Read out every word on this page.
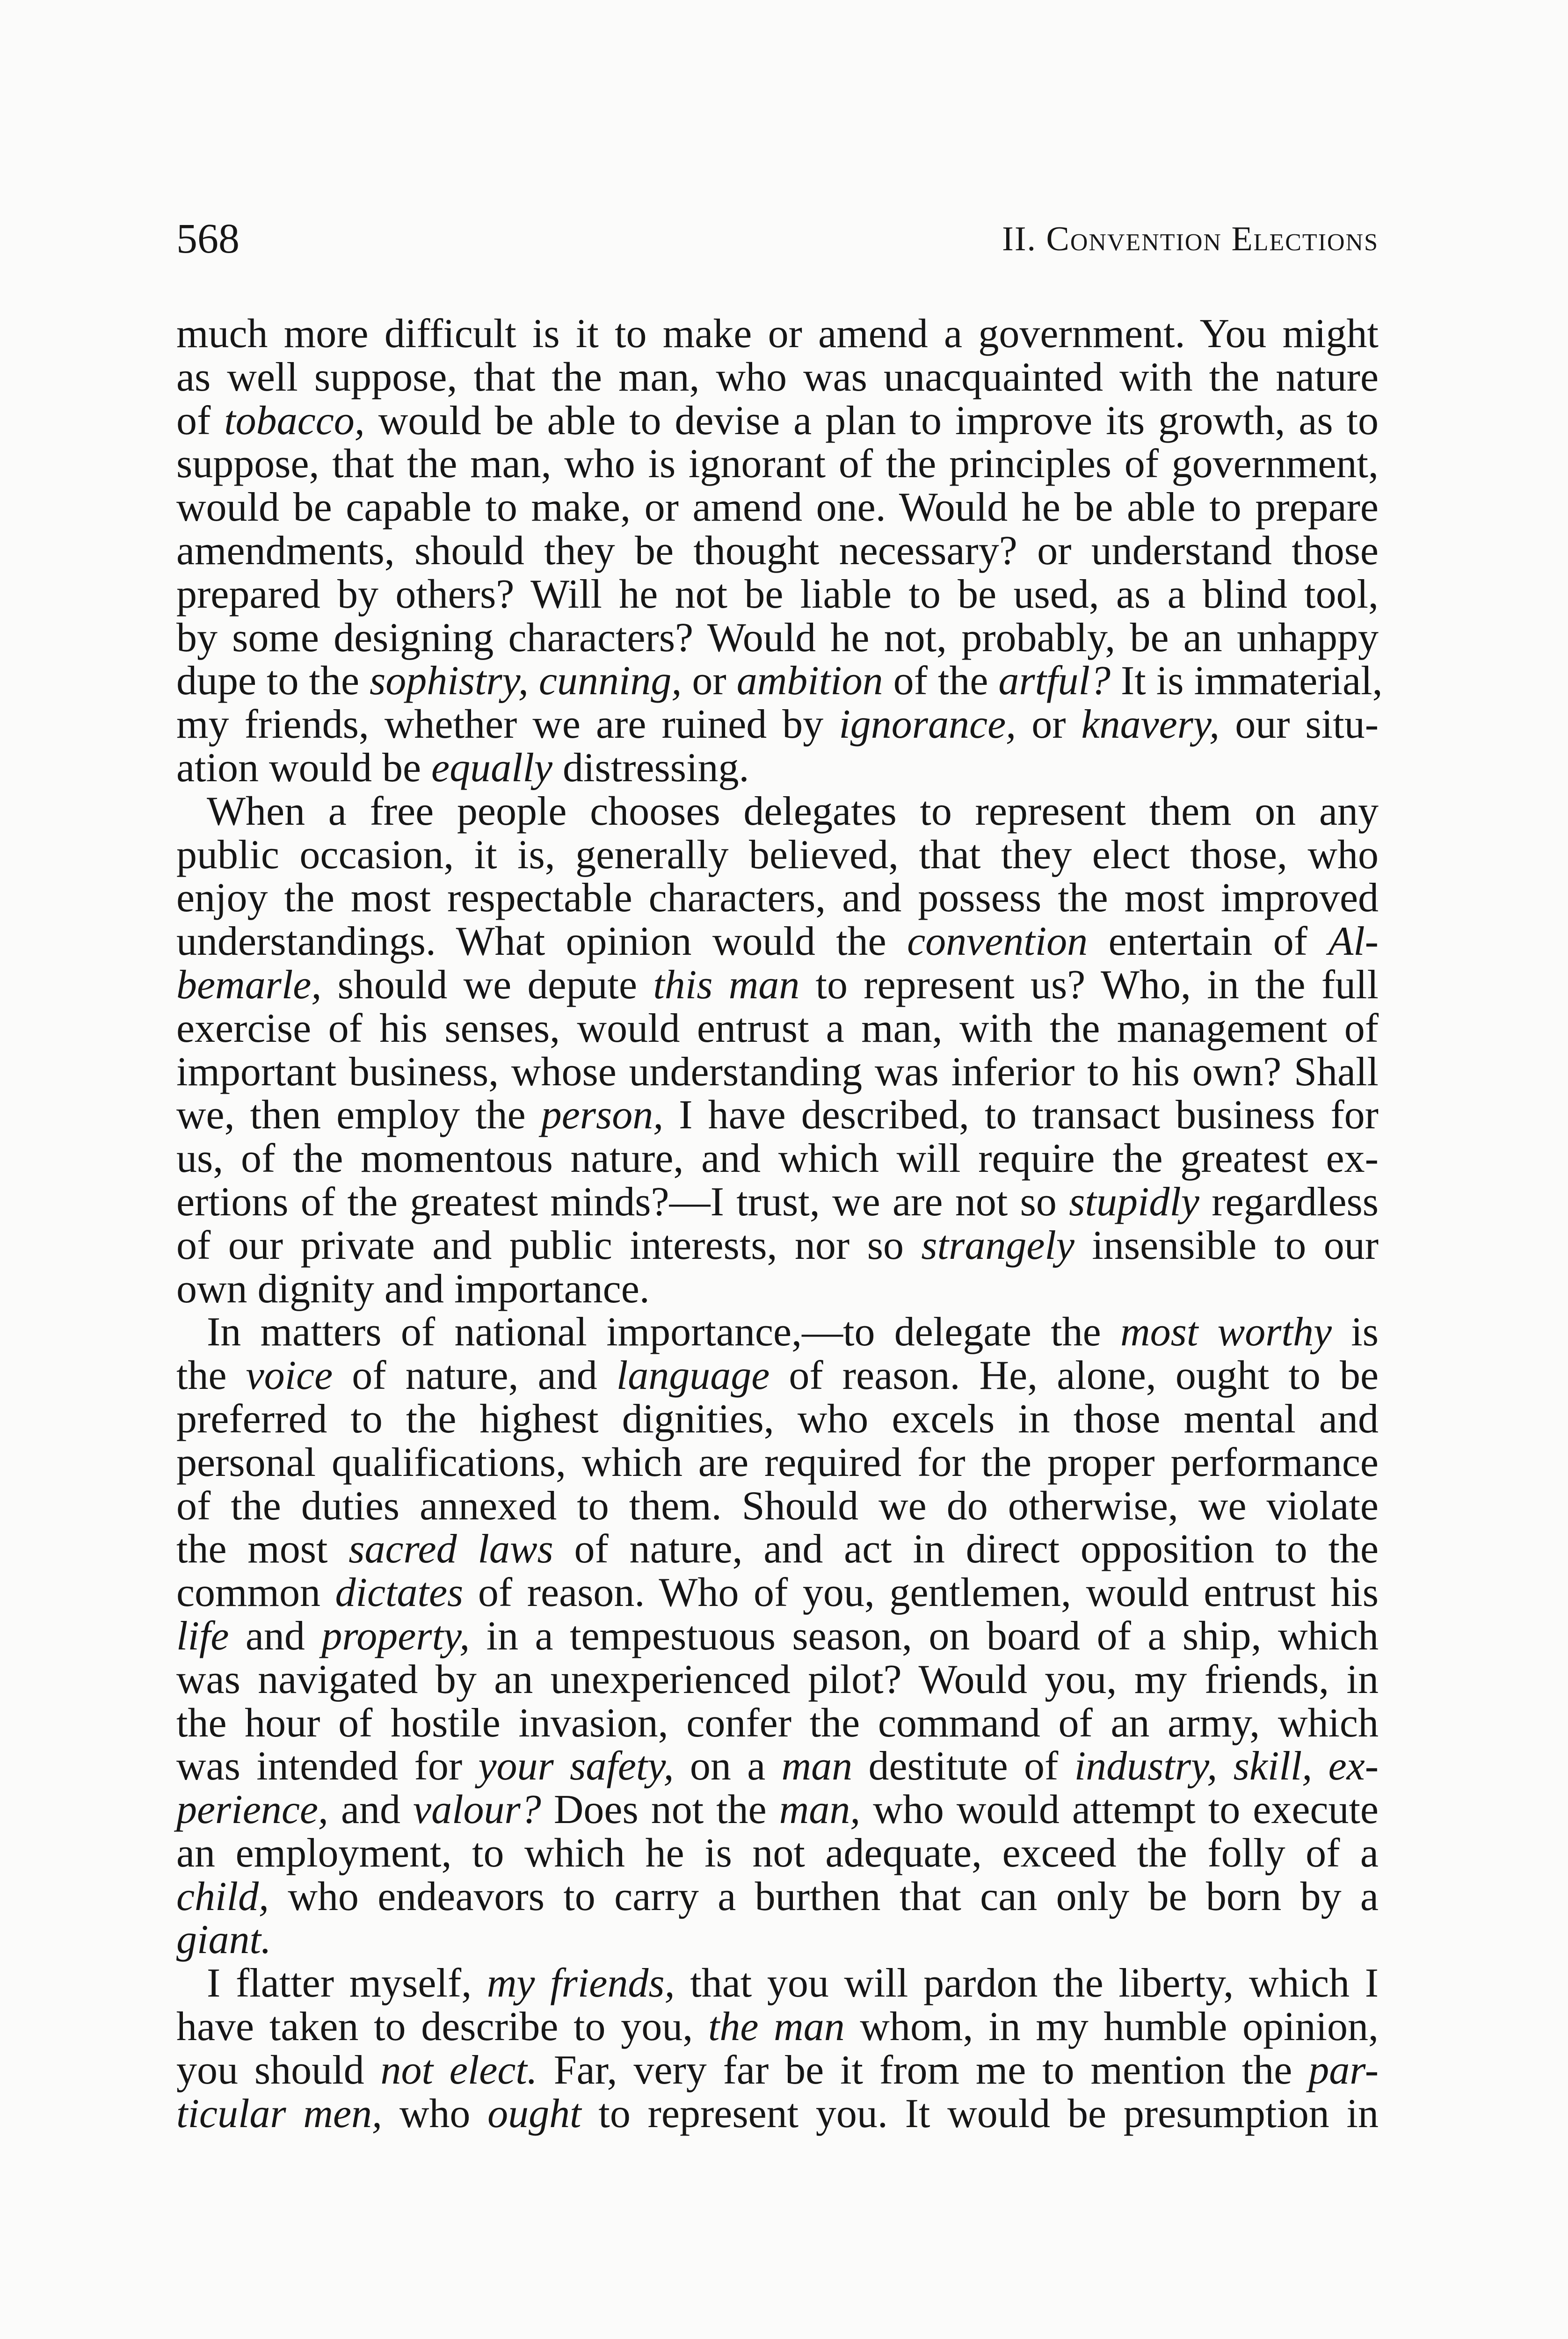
568	II. Convention Elections
much more difficult is it to make or amend a government. You might
as well suppose, that the man, who was unacquainted with the nature
of tobacco, would be able to devise a plan to improve its growth, as to
suppose, that the man, who is ignorant of the principles of government,
would be capable to make, or amend one. Would he be able to prepare
amendments, should they be thought necessary? or understand those
prepared by others? Will he not be liable to be used, as a blind tool,
by some designing characters? Would he not, probably, be an unhappy
dupe to the sophistry, cunning, or ambition of the artful? It is immaterial,
my friends, whether we are ruined by ignorance, or knavery, our situ-
ation would be equally distressing.
When a free people chooses delegates to represent them on any
public occasion, it is, generally believed, that they elect those, who
enjoy the most respectable characters, and possess the most improved
understandings. What opinion would the convention entertain of Al-
bemarle, should we depute this man to represent us? Who, in the full
exercise of his senses, would entrust a man, with the management of
important business, whose understanding was inferior to his own? Shall
we, then employ the person, I have described, to transact business for
us, of the momentous nature, and which will require the greatest ex-
ertions of the greatest minds?—I trust, we are not so stupidly regardless
of our private and public interests, nor so strangely insensible to our
own dignity and importance.
In matters of national importance,—to delegate the most worthy is
the voice of nature, and language of reason. He, alone, ought to be
preferred to the highest dignities, who excels in those mental and
personal qualifications, which are required for the proper performance
of the duties annexed to them. Should we do otherwise, we violate
the most sacred laws of nature, and act in direct opposition to the
common dictates of reason. Who of you, gentlemen, would entrust his
life and property, in a tempestuous season, on board of a ship, which
was navigated by an unexperienced pilot? Would you, my friends, in
the hour of hostile invasion, confer the command of an army, which
was intended for your safety, on a man destitute of industry, skill, ex-
perience, and valour? Does not the man, who would attempt to execute
an employment, to which he is not adequate, exceed the folly of a
child, who endeavors to carry a burthen that can only be born by a
giant.
I flatter myself, my friends, that you will pardon the liberty, which I
have taken to describe to you, the man whom, in my humble opinion,
you should not elect. Far, very far be it from me to mention the par-
ticular men, who ought to represent you. It would be presumption in
